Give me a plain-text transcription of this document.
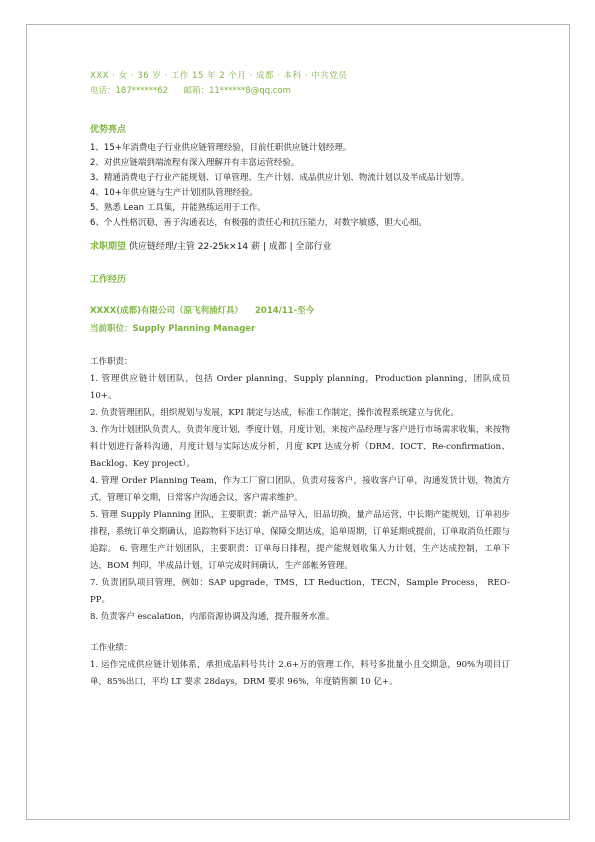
XXX · 女 · 36 岁 · 工作 15 年 2 个月 · 成都 · 本科 · 中共党员
电话：187******62 邮箱：11******8@qq.com
优势亮点
1、15+年消费电子行业供应链管理经验，目前任职供应链计划经理。
2、对供应链端到端流程有深入理解并有丰富运营经验。
3、精通消费电子行业产能规划、订单管理、生产计划、成品供应计划、物流计划以及半成品计划等。
4、10+年供应链与生产计划团队管理经验。
5、熟悉 Lean 工具集，并能熟练运用于工作。
6、个人性格沉稳，善于沟通表达，有极强的责任心和抗压能力，对数字敏感，胆大心细。
求职期望 供应链经理/主管 22-25k×14 薪 | 成都 | 全部行业
工作经历
XXXX(成都)有限公司（原飞利浦灯具） 2014/11-至今
当前职位：Supply Planning Manager
工作职责：
1. 管理供应链计划团队，包括 Order planning，Supply planning，Production planning，团队成员 10+。
2. 负责管理团队，组织规划与发展，KPI 制定与达成，标准工作制定，操作流程系统建立与优化。
3. 作为计划团队负责人，负责年度计划，季度计划，月度计划，来按产品经理与客户进行市场需求收集，来按物料计划进行备料沟通，月度计划与实际达成分析，月度 KPI 达成分析（DRM、IOCT、Re-confirmation、Backlog、Key project）。
4. 管理 Order Planning Team，作为工厂窗口团队，负责对接客户，接收客户订单，沟通发货计划，物流方式，管理订单交期，日常客户沟通会议，客户需求维护。
5. 管理 Supply Planning 团队，主要职责：新产品导入，旧品切换，量产品运营，中长期产能规划，订单初步排程，系统订单交期确认，追踪物料下达订单，保障交期达成，追单周期，订单延期或提前，订单取消负任跟与追踪。 6. 管理生产计划团队，主要职责：订单每日排程，提产能规划收集人力计划，生产达成控制，工单下达，BOM 判印，半成品计划，订单完成时间确认，生产部帐务管理。
7. 负责团队项目管理，例如：SAP upgrade，TMS，LT Reduction，TECN，Sample Process， REO-PP。
8. 负责客户 escalation，内部资源协调及沟通，提升服务水准。
工作业绩：
1. 运作完成供应链计划体系，承担成品料号共计 2.6+万的管理工作，料号多批量小且交期急，90%为项目订单，85%出口，平均 LT 要求 28days，DRM 要求 96%，年度销售额 10 亿+。
